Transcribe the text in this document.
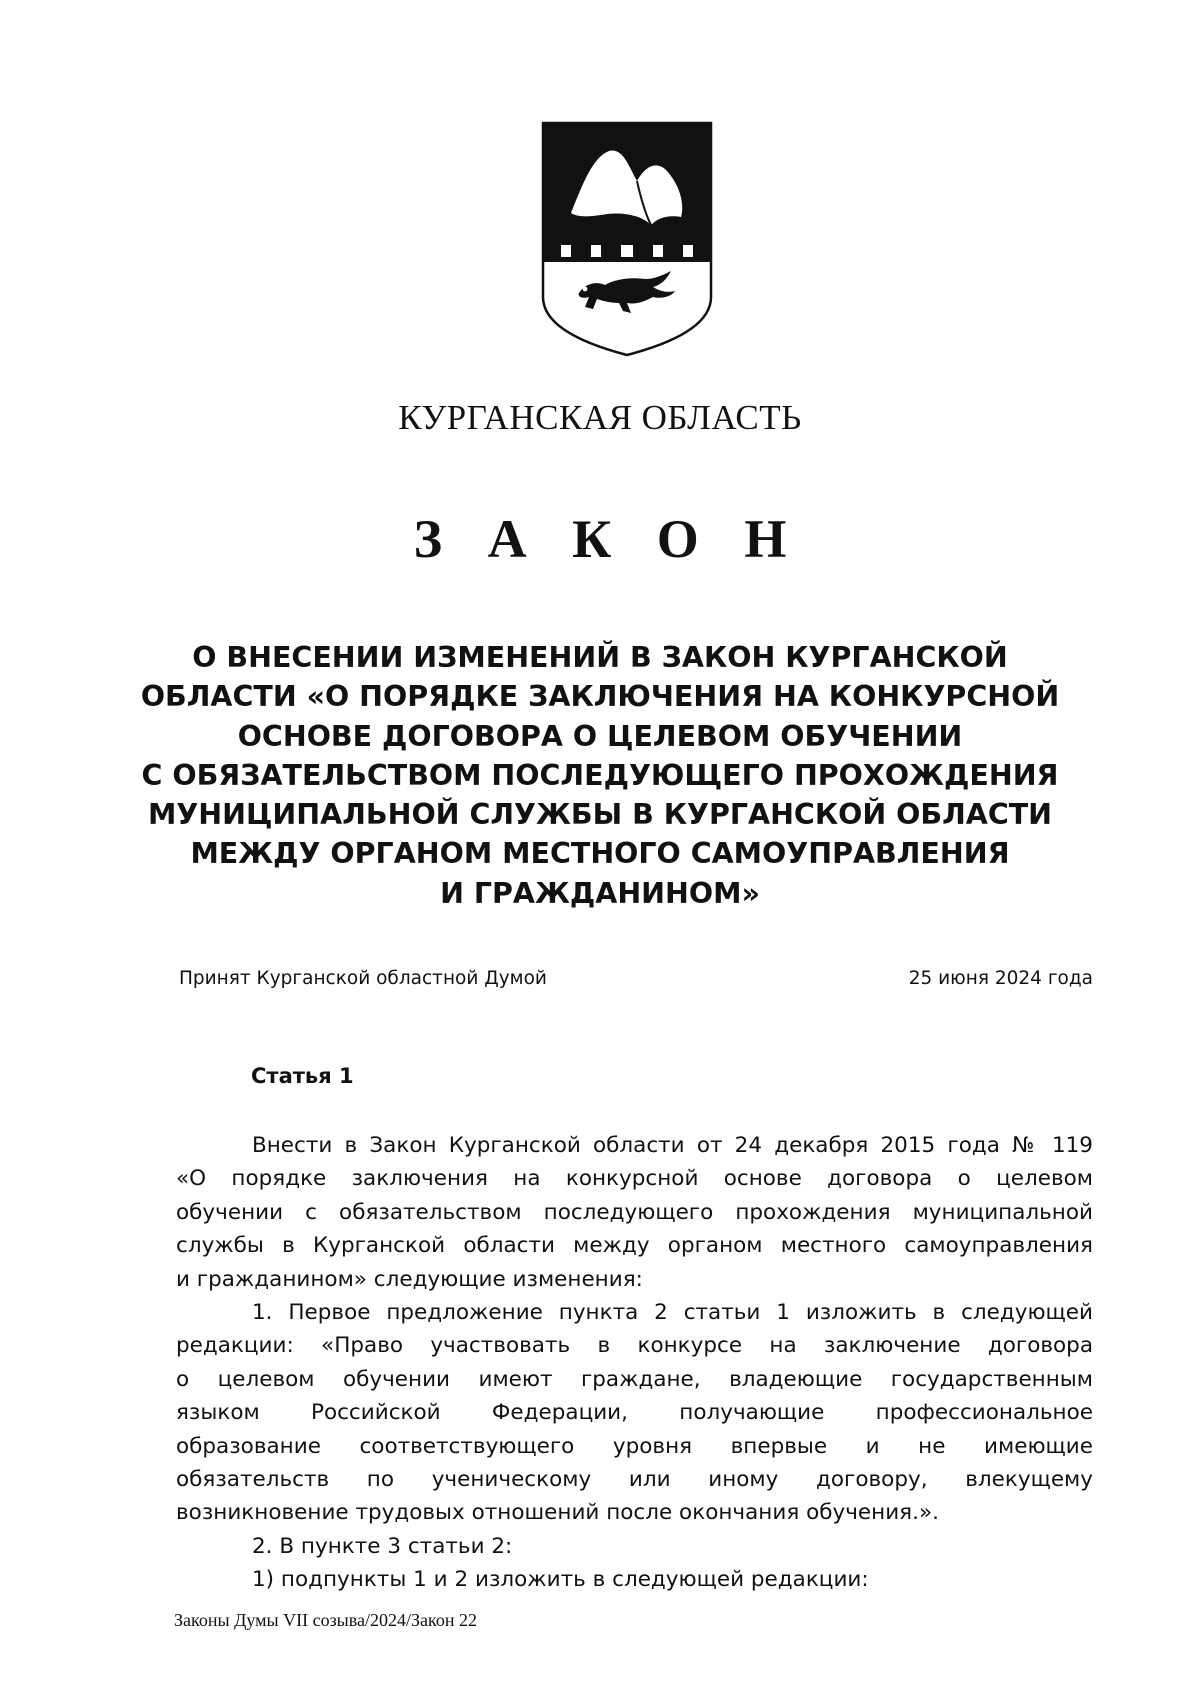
КУРГАНСКАЯ ОБЛАСТЬ
З А К О Н
О ВНЕСЕНИИ ИЗМЕНЕНИЙ В ЗАКОН КУРГАНСКОЙ
ОБЛАСТИ «О ПОРЯДКЕ ЗАКЛЮЧЕНИЯ НА КОНКУРСНОЙ
ОСНОВЕ ДОГОВОРА О ЦЕЛЕВОМ ОБУЧЕНИИ
С ОБЯЗАТЕЛЬСТВОМ ПОСЛЕДУЮЩЕГО ПРОХОЖДЕНИЯ
МУНИЦИПАЛЬНОЙ СЛУЖБЫ В КУРГАНСКОЙ ОБЛАСТИ
МЕЖДУ ОРГАНОМ МЕСТНОГО САМОУПРАВЛЕНИЯ
И ГРАЖДАНИНОМ»
Принят Курганской областной Думой	25 июня 2024 года
Статья 1
Внести в Закон Курганской области от 24 декабря 2015 года № 119
«О порядке заключения на конкурсной основе договора о целевом
обучении с обязательством последующего прохождения муниципальной
службы в Курганской области между органом местного самоуправления
и гражданином» следующие изменения:
1. Первое предложение пункта 2 статьи 1 изложить в следующей
редакции: «Право участвовать в конкурсе на заключение договора
о целевом обучении имеют граждане, владеющие государственным
языком Российской Федерации, получающие профессиональное
образование соответствующего уровня впервые и не имеющие
обязательств по ученическому или иному договору, влекущему
возникновение трудовых отношений после окончания обучения.».
2. В пункте 3 статьи 2:
1) подпункты 1 и 2 изложить в следующей редакции:
Законы Думы VII созыва/2024/Закон 22
